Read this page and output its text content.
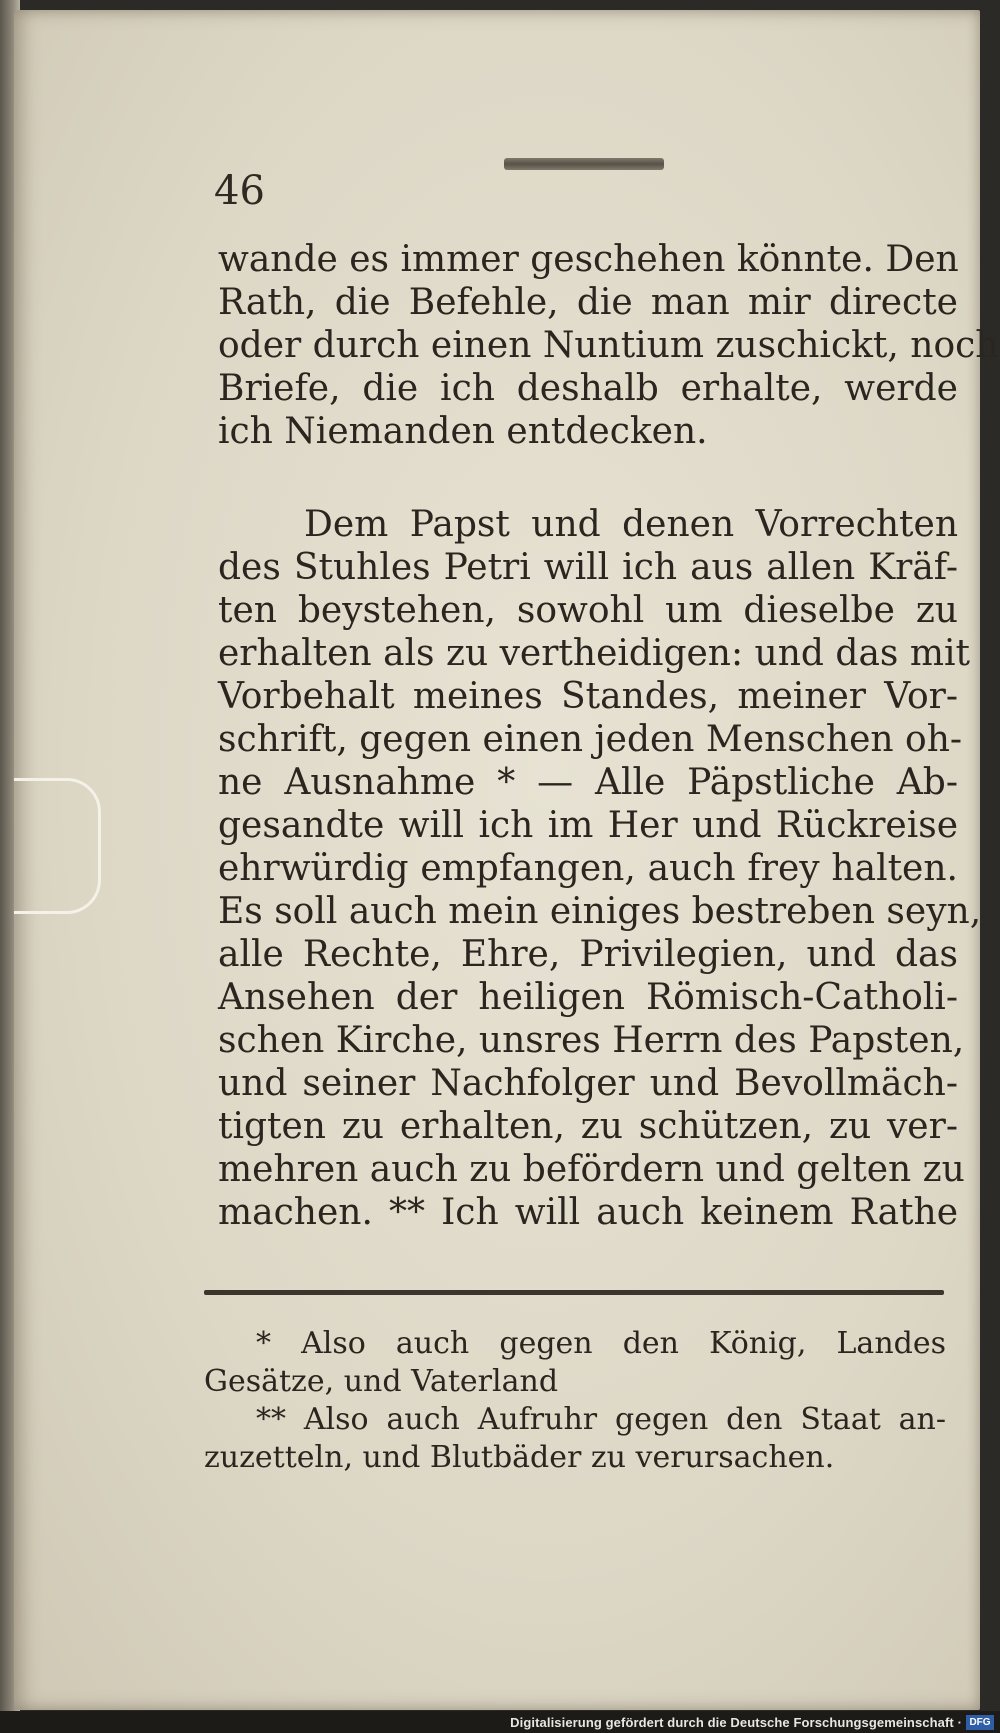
46
wande es immer geschehen könnte. Den
Rath, die Befehle, die man mir directe
oder durch einen Nuntium zuschickt, noch
Briefe, die ich deshalb erhalte, werde
ich Niemanden entdecken.
Dem Papst und denen Vorrechten
des Stuhles Petri will ich aus allen Kräf-
ten beystehen, sowohl um dieselbe zu
erhalten als zu vertheidigen: und das mit
Vorbehalt meines Standes, meiner Vor-
schrift, gegen einen jeden Menschen oh-
ne Ausnahme * — Alle Päpstliche Ab-
gesandte will ich im Her und Rückreise
ehrwürdig empfangen, auch frey halten.
Es soll auch mein einiges bestreben seyn,
alle Rechte, Ehre, Privilegien, und das
Ansehen der heiligen Römisch-Catholi-
schen Kirche, unsres Herrn des Papsten,
und seiner Nachfolger und Bevollmäch-
tigten zu erhalten, zu schützen, zu ver-
mehren auch zu befördern und gelten zu
machen. ** Ich will auch keinem Rathe
* Also auch gegen den König, Landes
Gesätze, und Vaterland
** Also auch Aufruhr gegen den Staat an-
zuzetteln, und Blutbäder zu verursachen.
Digitalisierung gefördert durch die Deutsche Forschungsgemeinschaft · DFG
